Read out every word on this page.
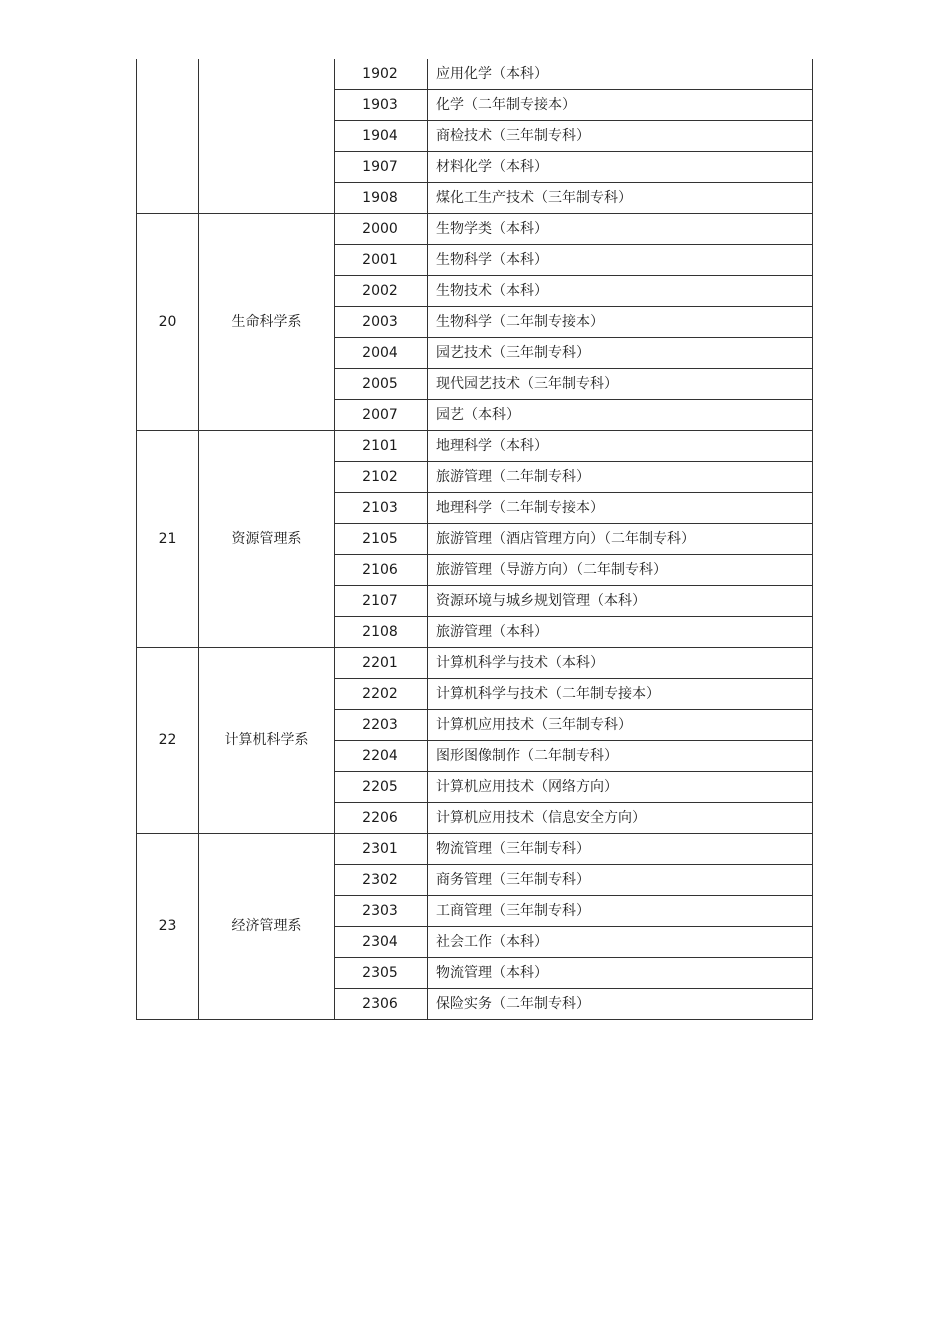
		1902	应用化学（本科）
		1903	化学（二年制专接本）
		1904	商检技术（三年制专科）
		1907	材料化学（本科）
		1908	煤化工生产技术（三年制专科）
20	生命科学系	2000	生物学类（本科）
		2001	生物科学（本科）
		2002	生物技术（本科）
		2003	生物科学（二年制专接本）
		2004	园艺技术（三年制专科）
		2005	现代园艺技术（三年制专科）
		2007	园艺（本科）
21	资源管理系	2101	地理科学（本科）
		2102	旅游管理（二年制专科）
		2103	地理科学（二年制专接本）
		2105	旅游管理（酒店管理方向）（二年制专科）
		2106	旅游管理（导游方向）（二年制专科）
		2107	资源环境与城乡规划管理（本科）
		2108	旅游管理（本科）
22	计算机科学系	2201	计算机科学与技术（本科）
		2202	计算机科学与技术（二年制专接本）
		2203	计算机应用技术（三年制专科）
		2204	图形图像制作（二年制专科）
		2205	计算机应用技术（网络方向）
		2206	计算机应用技术（信息安全方向）
23	经济管理系	2301	物流管理（三年制专科）
		2302	商务管理（三年制专科）
		2303	工商管理（三年制专科）
		2304	社会工作（本科）
		2305	物流管理（本科）
		2306	保险实务（二年制专科）
